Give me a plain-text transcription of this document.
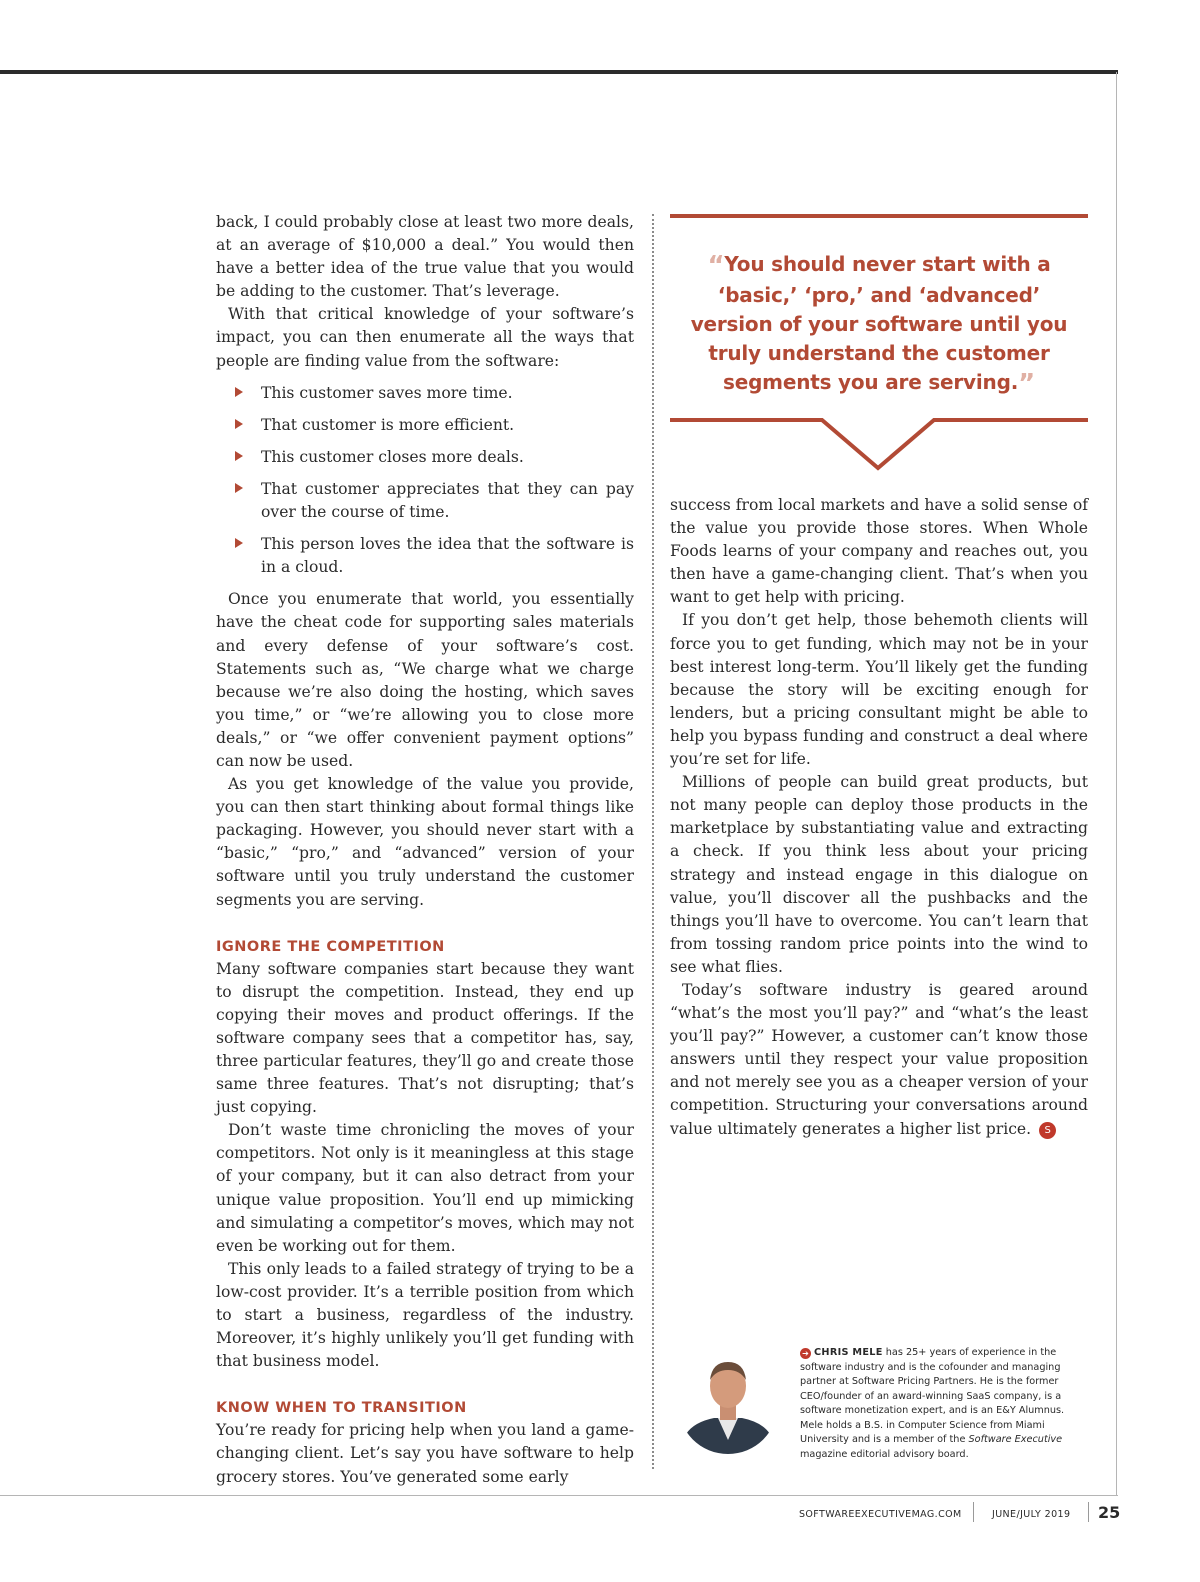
back, I could probably close at least two more deals, at an average of $10,000 a deal.” You would then have a better idea of the true value that you would be adding to the customer. That’s leverage.

With that critical knowledge of your software’s impact, you can then enumerate all the ways that people are finding value from the software:

This customer saves more time.
That customer is more efficient.
This customer closes more deals.
That customer appreciates that they can pay over the course of time.
This person loves the idea that the software is in a cloud.

Once you enumerate that world, you essentially have the cheat code for supporting sales materials and every defense of your software’s cost. Statements such as, “We charge what we charge because we’re also doing the hosting, which saves you time,” or “we’re allowing you to close more deals,” or “we offer convenient payment options” can now be used.

As you get knowledge of the value you provide, you can then start thinking about formal things like packaging. However, you should never start with a “basic,” “pro,” and “advanced” version of your software until you truly understand the customer segments you are serving.

IGNORE THE COMPETITION

Many software companies start because they want to disrupt the competition. Instead, they end up copying their moves and product offerings. If the software company sees that a competitor has, say, three particular features, they’ll go and create those same three features. That’s not disrupting; that’s just copying.

Don’t waste time chronicling the moves of your competitors. Not only is it meaningless at this stage of your company, but it can also detract from your unique value proposition. You’ll end up mimicking and simulating a competitor’s moves, which may not even be working out for them.

This only leads to a failed strategy of trying to be a low-cost provider. It’s a terrible position from which to start a business, regardless of the industry. Moreover, it’s highly unlikely you’ll get funding with that business model.

KNOW WHEN TO TRANSITION

You’re ready for pricing help when you land a game-changing client. Let’s say you have software to help grocery stores. You’ve generated some early

“You should never start with a ‘basic,’ ‘pro,’ and ‘advanced’ version of your software until you truly understand the customer segments you are serving.”

success from local markets and have a solid sense of the value you provide those stores. When Whole Foods learns of your company and reaches out, you then have a game-changing client. That’s when you want to get help with pricing.

If you don’t get help, those behemoth clients will force you to get funding, which may not be in your best interest long-term. You’ll likely get the funding because the story will be exciting enough for lenders, but a pricing consultant might be able to help you bypass funding and construct a deal where you’re set for life.

Millions of people can build great products, but not many people can deploy those products in the marketplace by substantiating value and extracting a check. If you think less about your pricing strategy and instead engage in this dialogue on value, you’ll discover all the pushbacks and the things you’ll have to overcome. You can’t learn that from tossing random price points into the wind to see what flies.

Today’s software industry is geared around “what’s the most you’ll pay?” and “what’s the least you’ll pay?” However, a customer can’t know those answers until they respect your value proposition and not merely see you as a cheaper version of your competition. Structuring your conversations around value ultimately generates a higher list price. S

➔ CHRIS MELE has 25+ years of experience in the software industry and is the cofounder and managing partner at Software Pricing Partners. He is the former CEO/founder of an award-winning SaaS company, is a software monetization expert, and is an E&Y Alumnus. Mele holds a B.S. in Computer Science from Miami University and is a member of the Software Executive magazine editorial advisory board.
SOFTWAREEXECUTIVEMAG.COM	JUNE/JULY 2019 25
